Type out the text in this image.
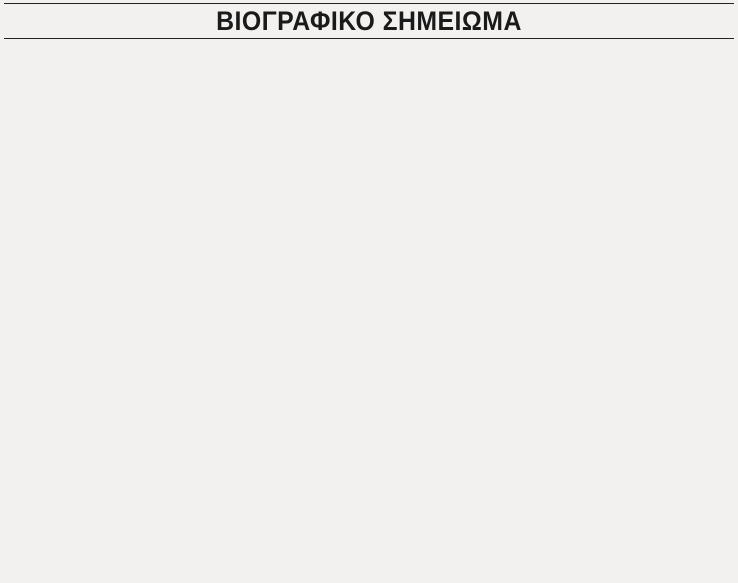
ΒΙΟΓΡΑΦΙΚΟ ΣΗΜΕΙΩΜΑ
